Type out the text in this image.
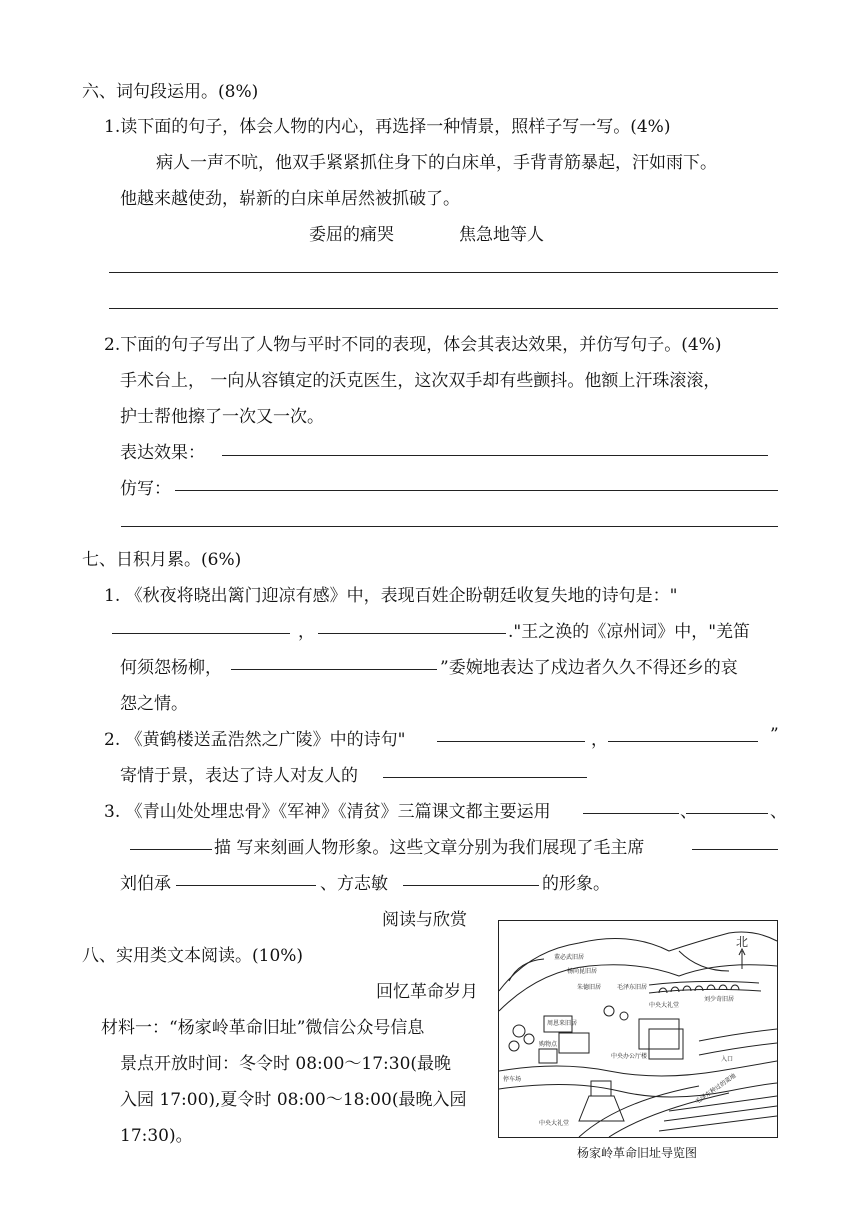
六、词句段运用。(8%)
1.读下面的句子，体会人物的内心，再选择一种情景，照样子写一写。(4%)
病人一声不吭，他双手紧紧抓住身下的白床单，手背青筋暴起，汗如雨下。
他越来越使劲，崭新的白床单居然被抓破了。
委屈的痛哭	焦急地等人
2.下面的句子写出了人物与平时不同的表现，体会其表达效果，并仿写句子。(4%)
手术台上， 一向从容镇定的沃克医生，这次双手却有些颤抖。他额上汗珠滚滚，
护士帮他擦了一次又一次。
表达效果：
仿写：
七、日积月累。(6%)
1. 《秋夜将晓出篱门迎凉有感》中，表现百姓企盼朝廷收复失地的诗句是："
，	."王之涣的《凉州词》中，"羌笛
何须怨杨柳，	”委婉地表达了戍边者久久不得还乡的哀
怨之情。
2. 《黄鹤楼送孟浩然之广陵》中的诗句"	，	”
寄情于景，表达了诗人对友人的
3. 《青山处处埋忠骨》《军神》《清贫》三篇课文都主要运用	、	、
描 写来刻画人物形象。这些文章分别为我们展现了毛主席
刘伯承	、方志敏	的形象。
阅读与欣赏
八、实用类文本阅读。(10%)
回忆革命岁月
材料一：“杨家岭革命旧址”微信公众号信息
景点开放时间：冬令时 08:00～17:30(最晚
入园 17:00),夏令时 08:00～18:00(最晚入园
17:30)。
北
董必武旧居
杨尚昆旧居
朱德旧居	毛泽东旧居
刘少奇旧居
中央大礼堂
周恩来旧居
购物点
中央办公厅楼	入口
停车场	毛泽东种过的菜地
中央大礼堂
杨家岭革命旧址导览图
